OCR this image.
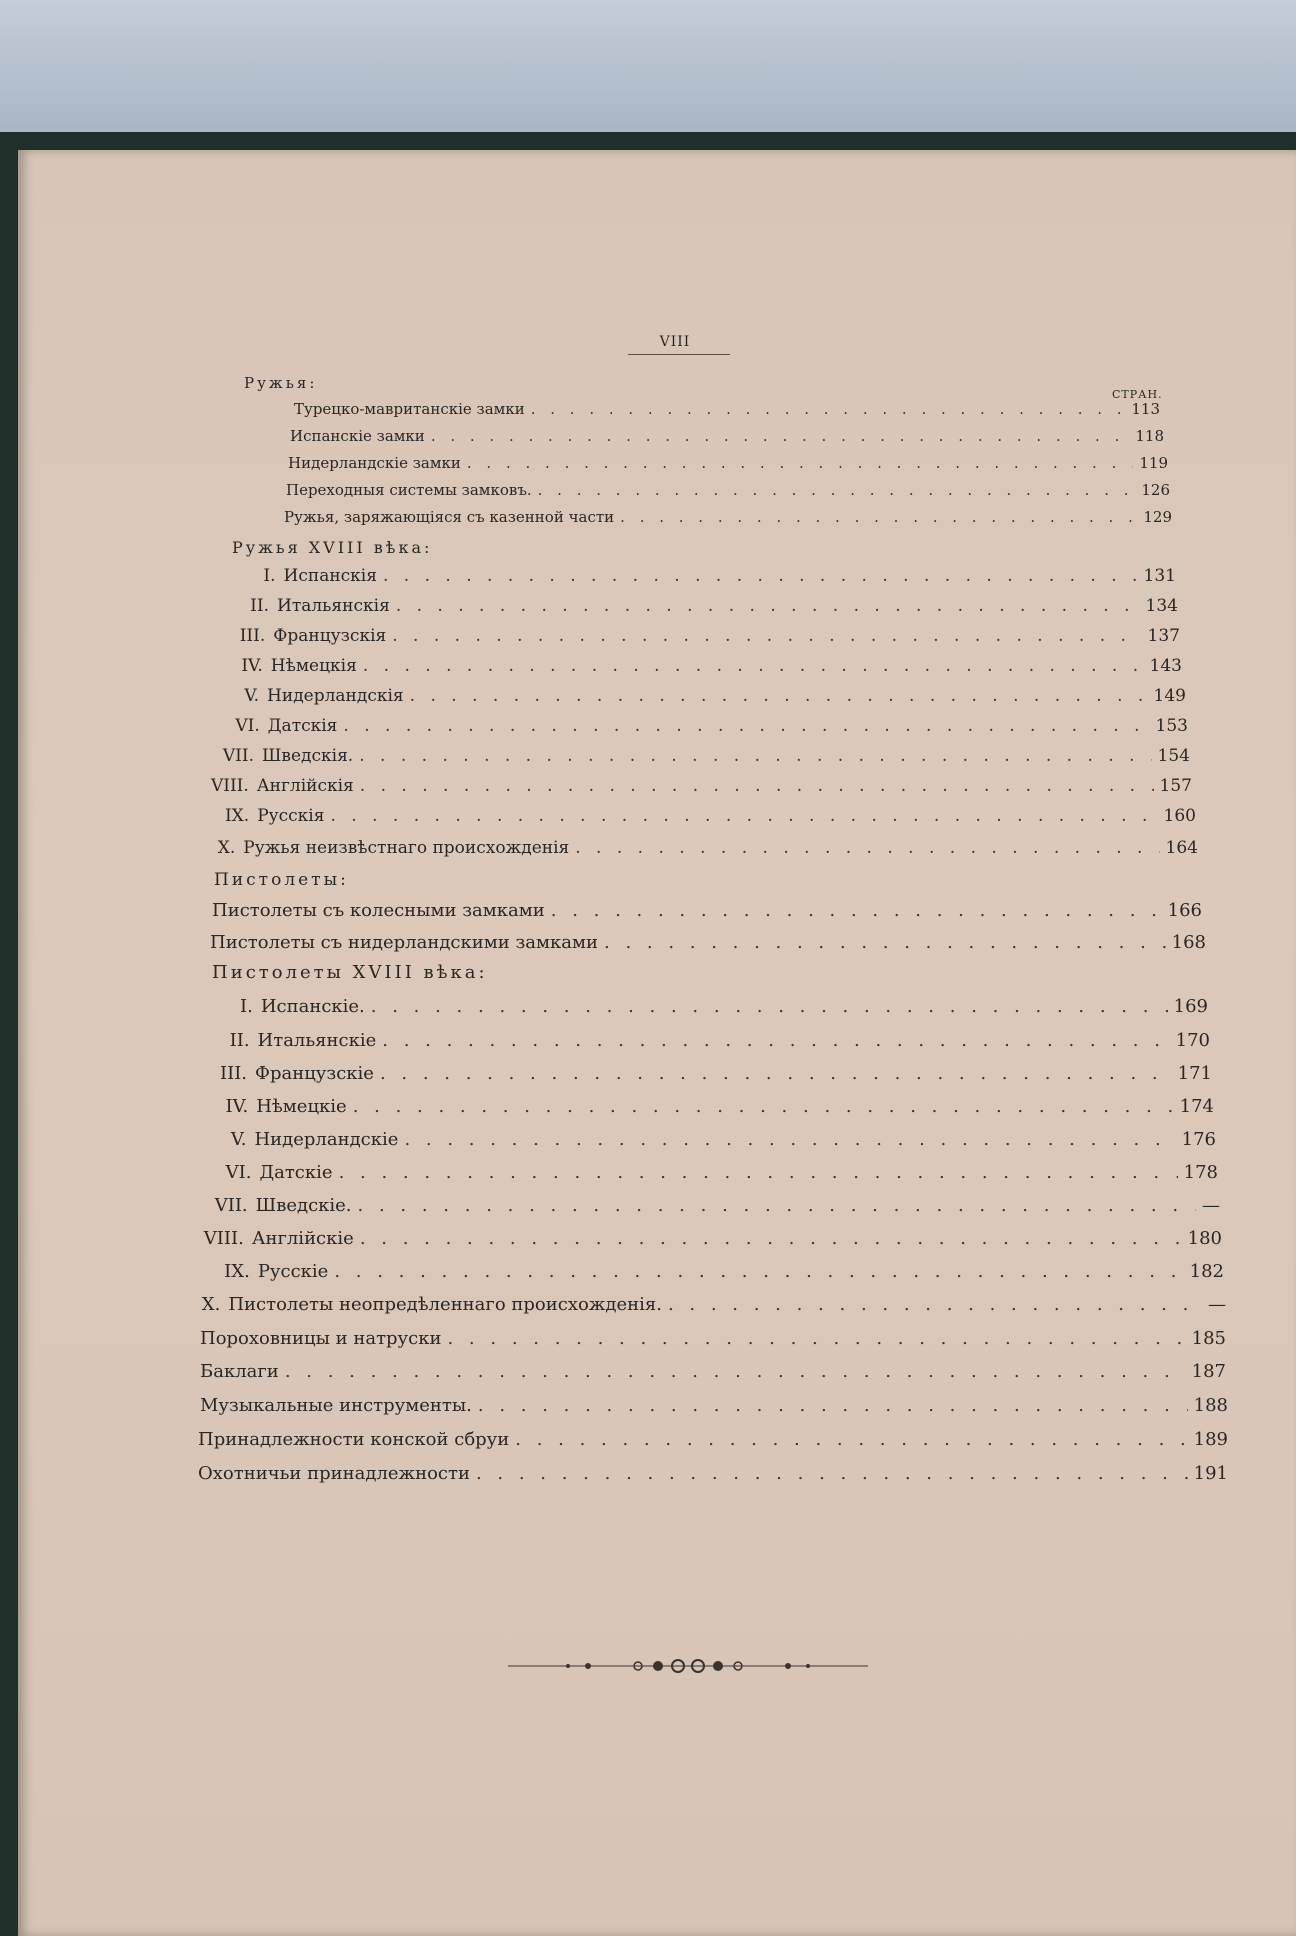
VIII
СТРАН.
Ружья:
Турецко-мавританскіе замки . . .	113
Испанскіе замки . . .	118
Нидерландскіе замки . . .	119
Переходныя системы замковъ. . . .	126
Ружья, заряжающіяся съ казенной части . . .	129
Ружья XVIII вѣка:
I. Испанскія . . .	131
II. Итальянскія . . .	134
III. Французскія . . .	137
IV. Нѣмецкія . . .	143
V. Нидерландскія . . .	149
VI. Датскія . . .	153
VII. Шведскія. . . .	154
VIII. Англійскія . . .	157
IX. Русскія . . .	160
X. Ружья неизвѣстнаго происхожденія . . .	164
Пистолеты:
Пистолеты съ колесными замками . . .	166
Пистолеты съ нидерландскими замками . . .	168
Пистолеты XVIII вѣка:
I. Испанскіе. . . .	169
II. Итальянскіе . . .	170
III. Французскіе . . .	171
IV. Нѣмецкіе . . .	174
V. Нидерландскіе . . .	176
VI. Датскіе . . .	178
VII. Шведскіе. . . .	—
VIII. Англійскіе . . .	180
IX. Русскіе . . .	182
X. Пистолеты неопредѣленнаго происхожденія. . . .	—
Пороховницы и натруски . . .	185
Баклаги . . .	187
Музыкальные инструменты. . . .	188
Принадлежности конской сбруи . . .	189
Охотничьи принадлежности . . .	191
